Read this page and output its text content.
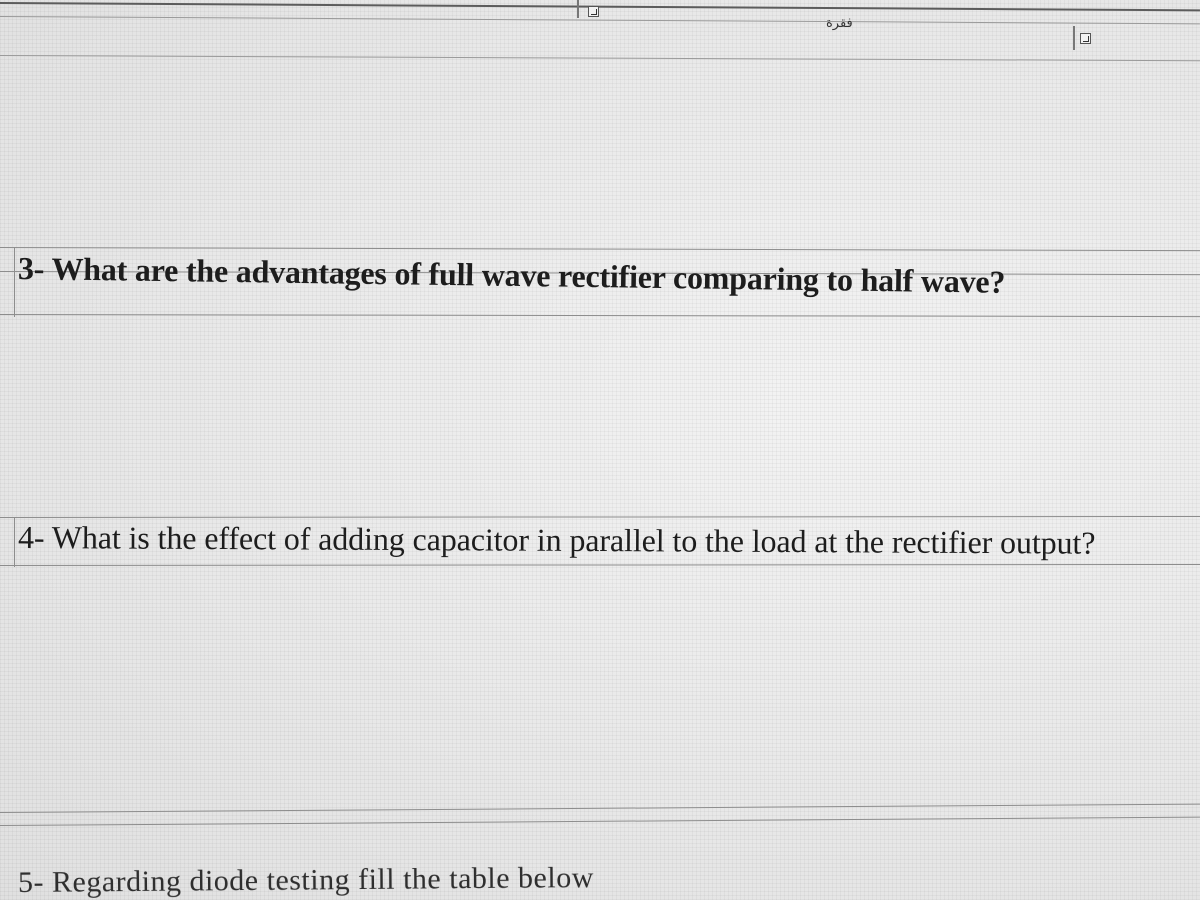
فقرة
3- What are the advantages of full wave rectifier comparing to half wave?
4- What is the effect of adding capacitor in parallel to the load at the rectifier output?
5- Regarding diode testing fill the table below
